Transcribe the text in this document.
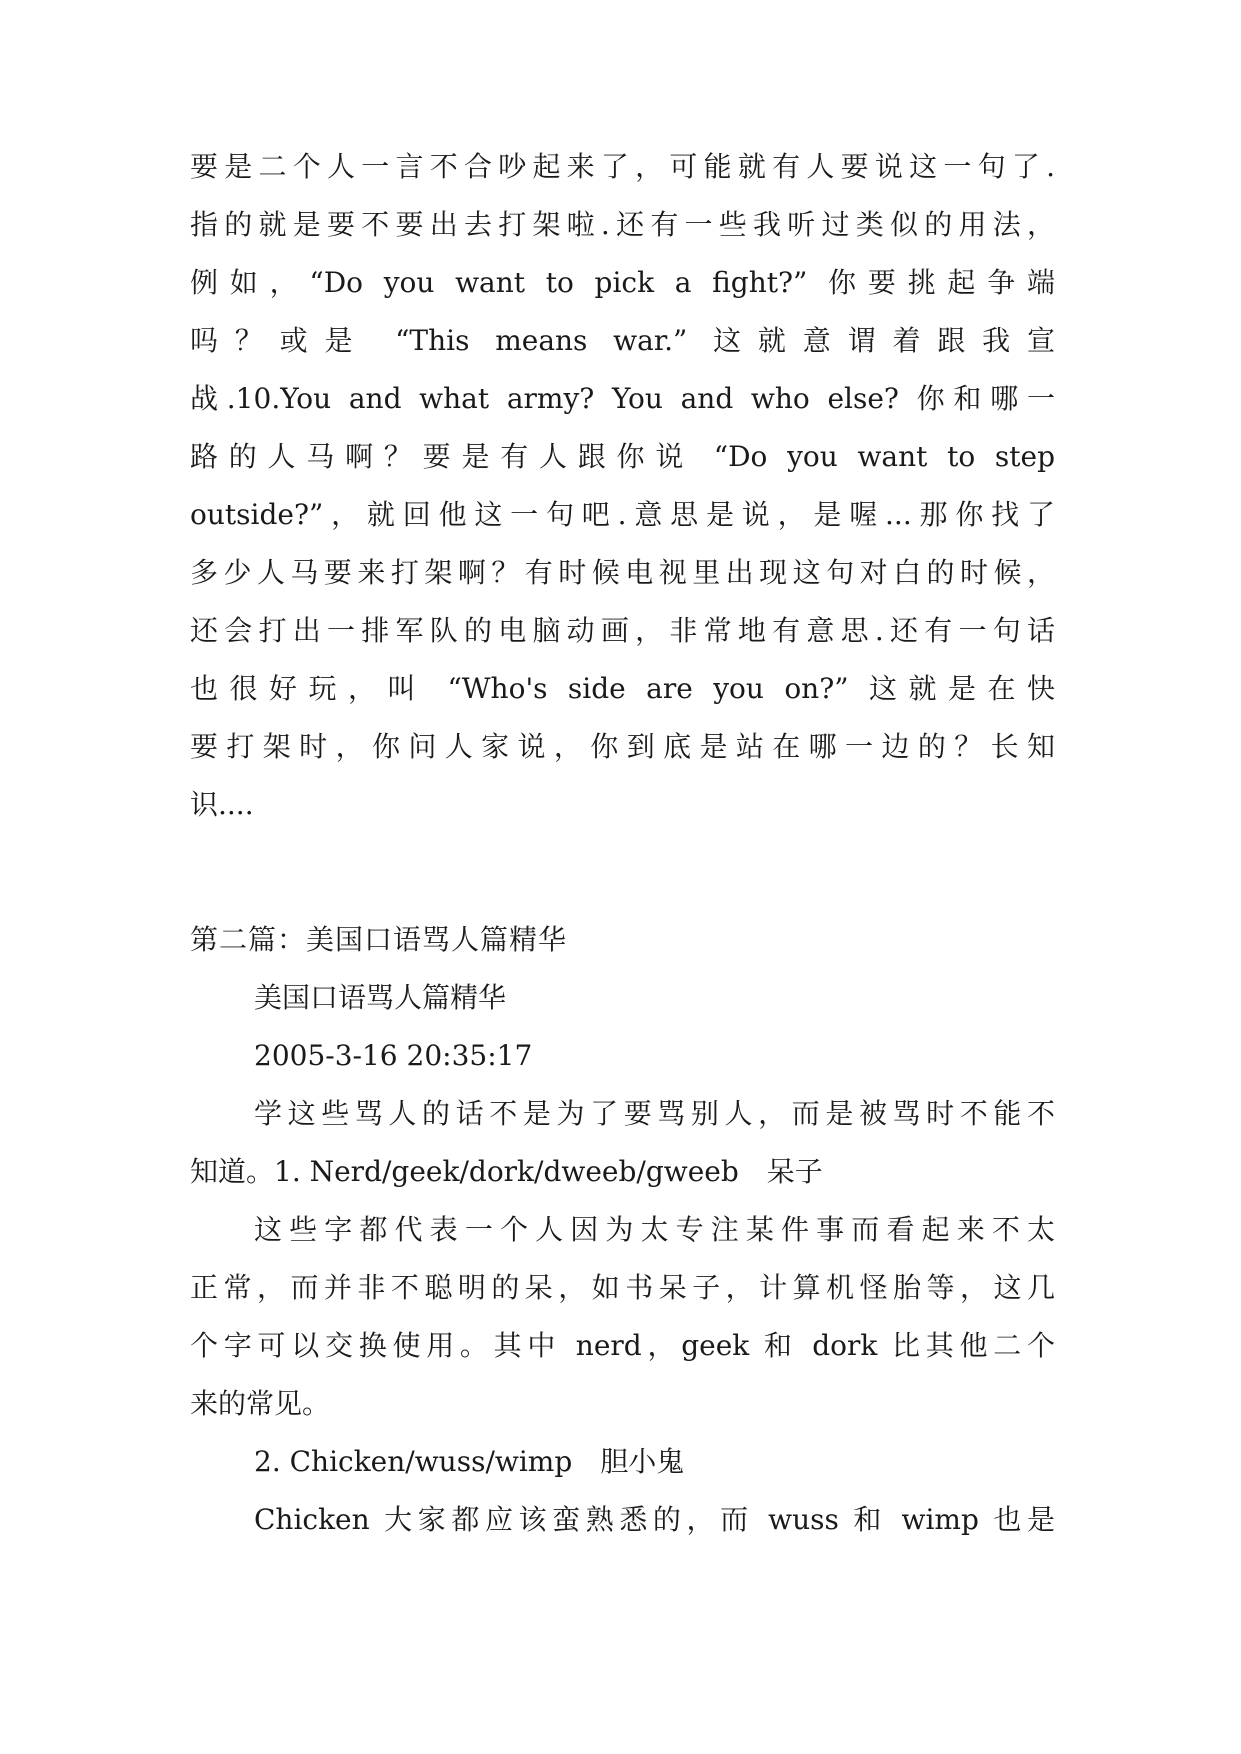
要是二个人一言不合吵起来了，可能就有人要说这一句了.
指的就是要不要出去打架啦.还有一些我听过类似的用法，
例如，“Do you want to pick a fight?” 你要挑起争端
吗？或是 “This means war.” 这就意谓着跟我宣
战.10.You and what army? You and who else? 你和哪一
路的人马啊？要是有人跟你说 “Do you want to step
outside?”，就回他这一句吧.意思是说，是喔...那你找了
多少人马要来打架啊？有时候电视里出现这句对白的时候，
还会打出一排军队的电脑动画，非常地有意思.还有一句话
也很好玩，叫 “Who's side are you on?” 这就是在快
要打架时，你问人家说，你到底是站在哪一边的？长知
识....
第二篇：美国口语骂人篇精华
美国口语骂人篇精华
2005-3-16 20:35:17
学这些骂人的话不是为了要骂别人，而是被骂时不能不
知道。1. Nerd/geek/dork/dweeb/gweeb　呆子
这些字都代表一个人因为太专注某件事而看起来不太
正常，而并非不聪明的呆，如书呆子，计算机怪胎等，这几
个字可以交换使用。其中 nerd，geek 和 dork 比其他二个
来的常见。
2. Chicken/wuss/wimp　胆小鬼
Chicken 大家都应该蛮熟悉的，而 wuss 和 wimp 也是
